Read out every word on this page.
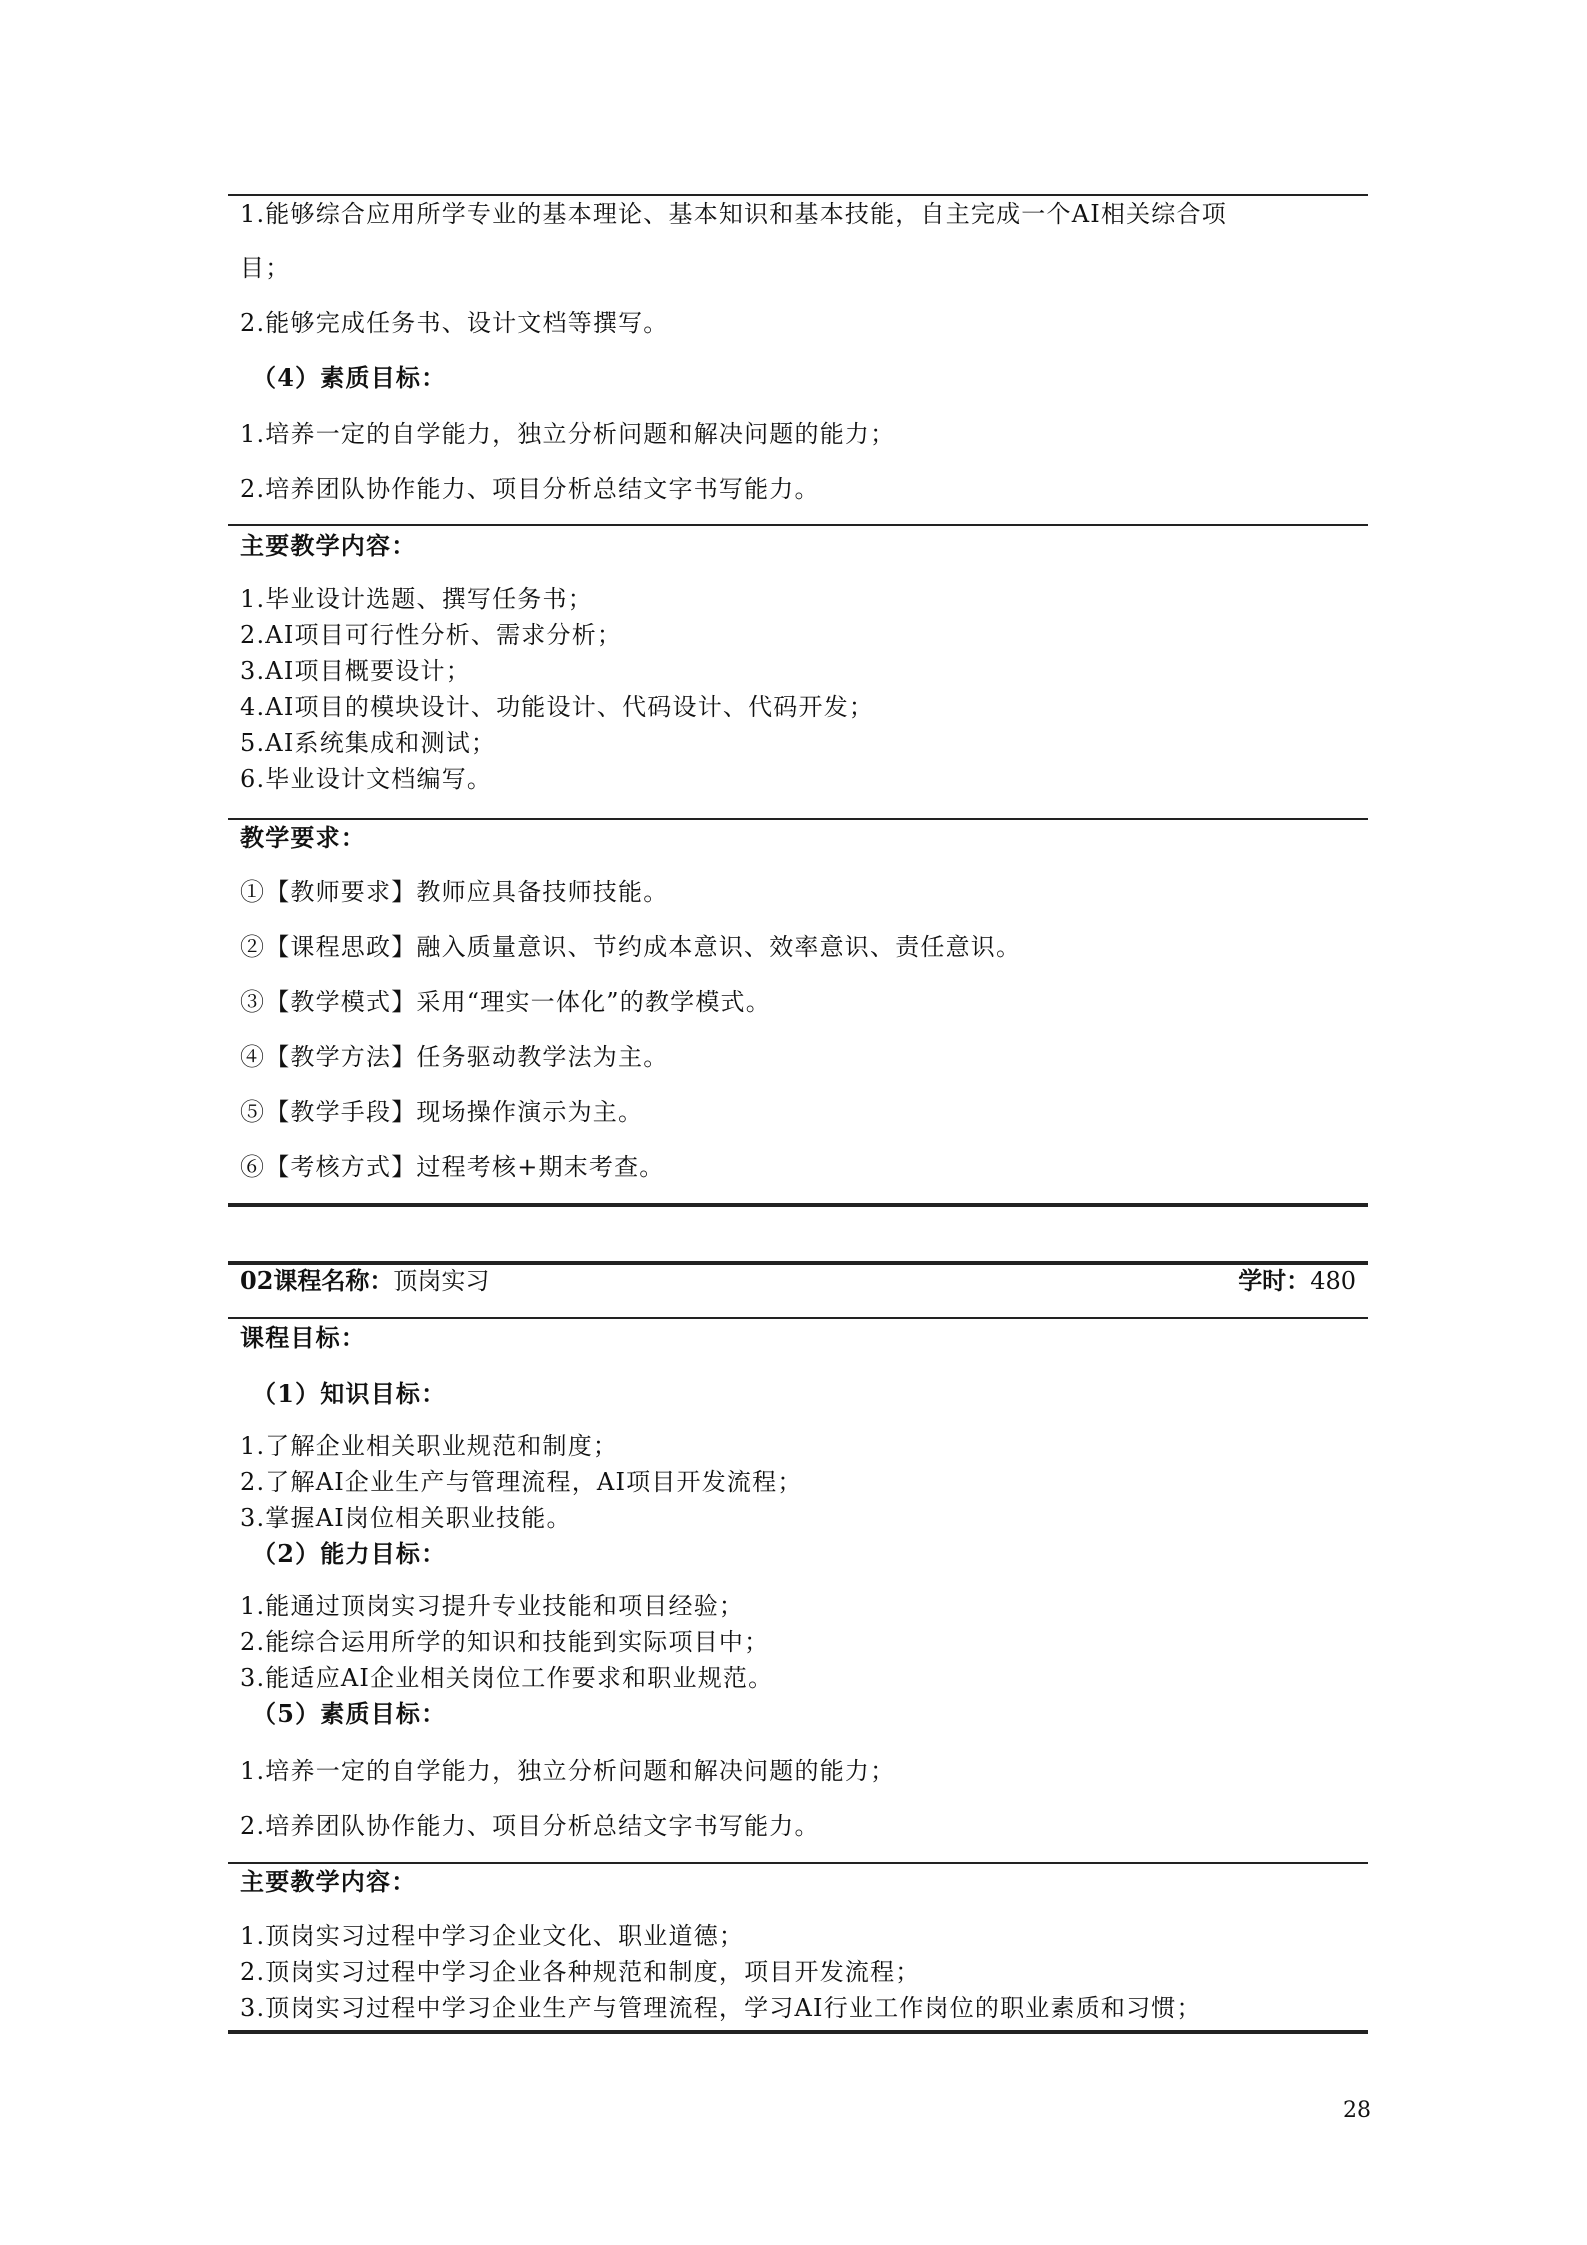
1.能够综合应用所学专业的基本理论、基本知识和基本技能，自主完成一个AI相关综合项
目；
2.能够完成任务书、设计文档等撰写。
（4）素质目标：
1.培养一定的自学能力，独立分析问题和解决问题的能力；
2.培养团队协作能力、项目分析总结文字书写能力。
主要教学内容：
1.毕业设计选题、撰写任务书；
2.AI项目可行性分析、需求分析；
3.AI项目概要设计；
4.AI项目的模块设计、功能设计、代码设计、代码开发；
5.AI系统集成和测试；
6.毕业设计文档编写。
教学要求：
①【教师要求】教师应具备技师技能。
②【课程思政】融入质量意识、节约成本意识、效率意识、责任意识。
③【教学模式】采用“理实一体化”的教学模式。
④【教学方法】任务驱动教学法为主。
⑤【教学手段】现场操作演示为主。
⑥【考核方式】过程考核+期末考查。
02课程名称：顶岗实习	学时：480
课程目标：
（1）知识目标：
1.了解企业相关职业规范和制度；
2.了解AI企业生产与管理流程，AI项目开发流程；
3.掌握AI岗位相关职业技能。
（2）能力目标：
1.能通过顶岗实习提升专业技能和项目经验；
2.能综合运用所学的知识和技能到实际项目中；
3.能适应AI企业相关岗位工作要求和职业规范。
（5）素质目标：
1.培养一定的自学能力，独立分析问题和解决问题的能力；
2.培养团队协作能力、项目分析总结文字书写能力。
主要教学内容：
1.顶岗实习过程中学习企业文化、职业道德；
2.顶岗实习过程中学习企业各种规范和制度，项目开发流程；
3.顶岗实习过程中学习企业生产与管理流程，学习AI行业工作岗位的职业素质和习惯；
28
